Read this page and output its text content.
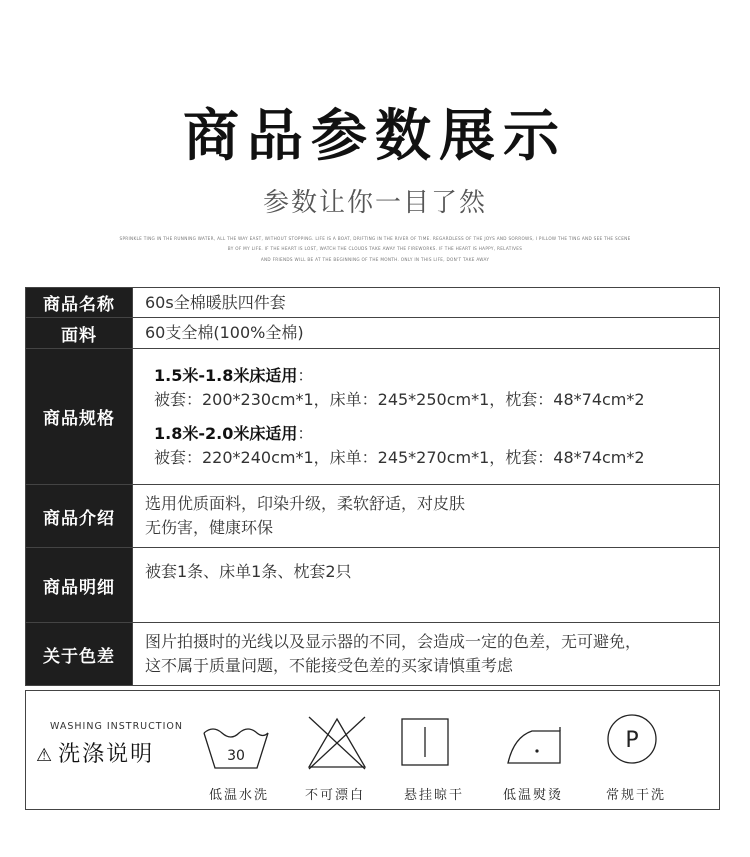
商品参数展示
参数让你一目了然
SPRINKLE TING IN THE RUNNING WATER, ALL THE WAY EAST, WITHOUT STOPPING. LIFE IS A BOAT, DRIFTING IN THE RIVER OF TIME. REGARDLESS OF THE JOYS AND SORROWS, I PILLOW THE TING AND SEE THE SCENE
BY OF MY LIFE. IF THE HEART IS LOST, WATCH THE CLOUDS TAKE AWAY THE FIREWORKS. IF THE HEART IS HAPPY, RELATIVES
AND FRIENDS WILL BE AT THE BEGINNING OF THE MONTH. ONLY IN THIS LIFE, DON'T TAKE AWAY
商品名称	60s全棉暖肤四件套
面料	60支全棉(100%全棉)
商品规格	1.5米-1.8米床适用：
被套：200*230cm*1，床单：245*250cm*1，枕套：48*74cm*2
1.8米-2.0米床适用：
被套：220*240cm*1，床单：245*270cm*1，枕套：48*74cm*2

商品介绍	选用优质面料，印染升级，柔软舒适，对皮肤
无伤害，健康环保

商品明细	被套1条、床单1条、枕套2只
关于色差	图片拍摄时的光线以及显示器的不同，会造成一定的色差，无可避免，
这不属于质量问题，不能接受色差的买家请慎重考虑
WASHING INSTRUCTION
⚠ 洗涤说明	30
P
低温水洗	不可漂白	悬挂晾干	低温熨烫	常规干洗
